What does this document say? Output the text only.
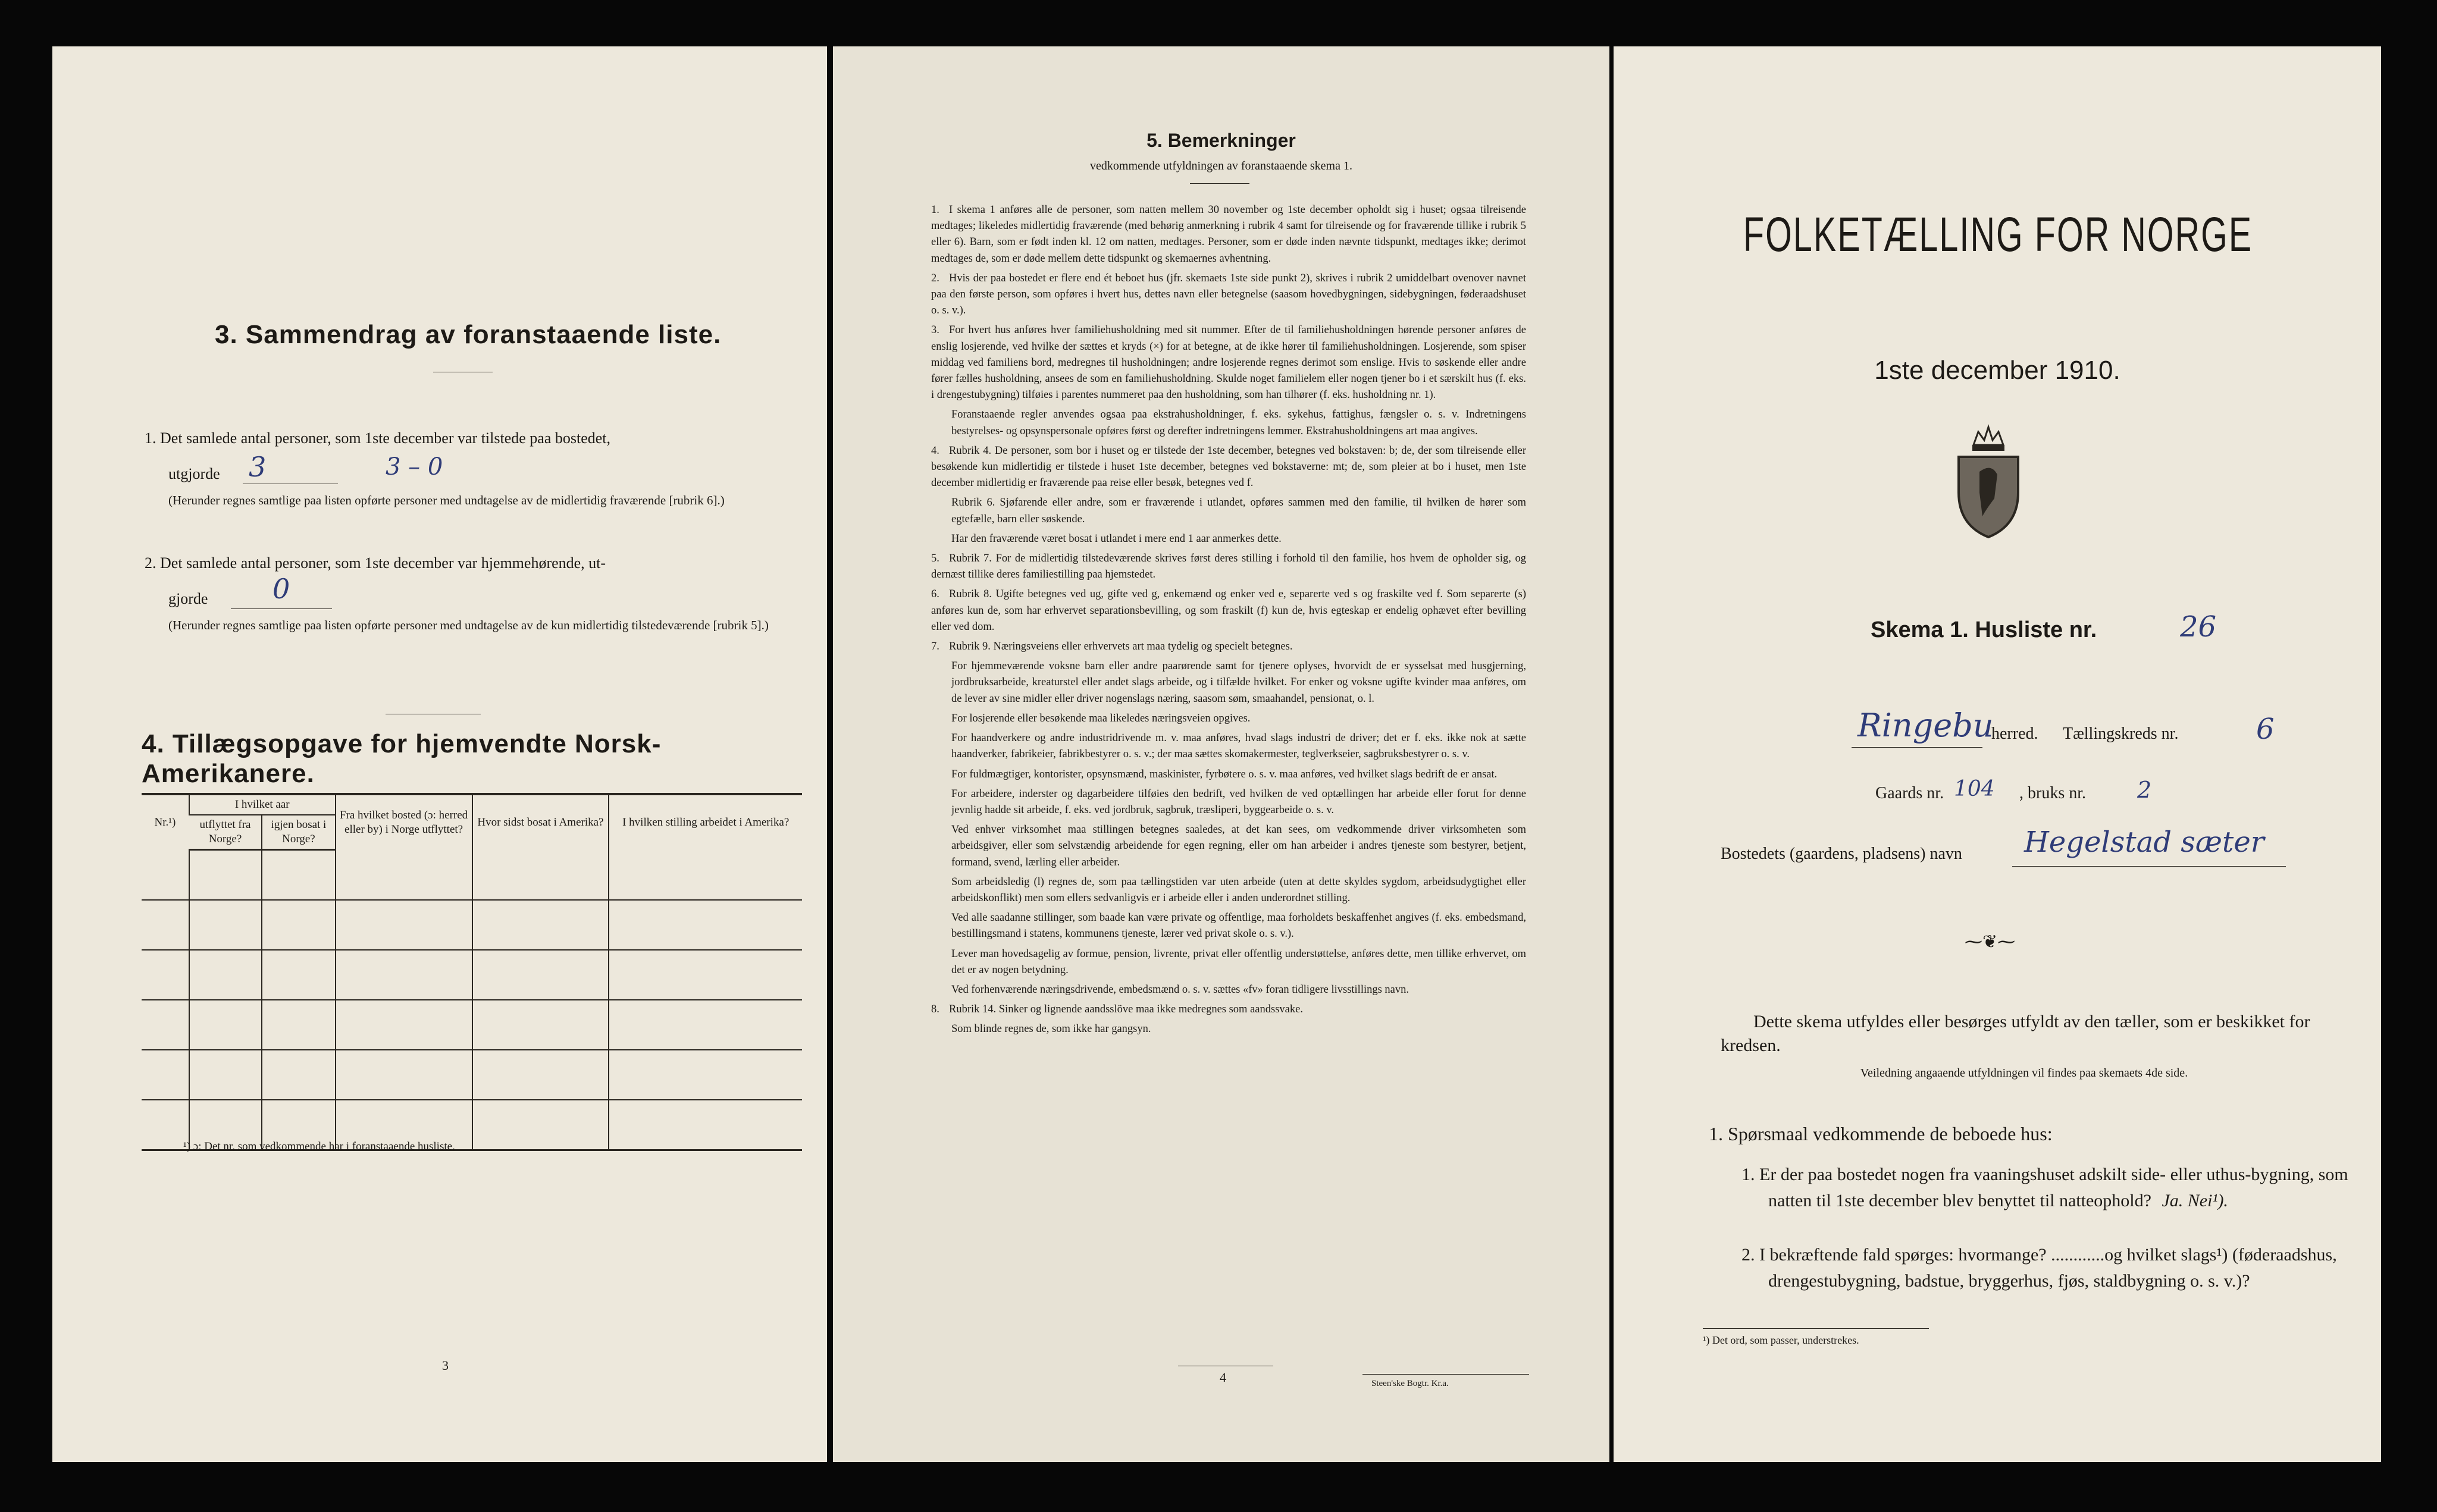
3. Sammendrag av foranstaaende liste.
1. Det samlede antal personer, som 1ste december var tilstede paa bostedet,
utgjorde 3	3 – 0
(Herunder regnes samtlige paa listen opførte personer med undtagelse av de midlertidig fraværende [rubrik 6].)
2. Det samlede antal personer, som 1ste december var hjemmehørende, ut-
gjorde 0
(Herunder regnes samtlige paa listen opførte personer med undtagelse av de kun midlertidig tilstedeværende [rubrik 5].)
4. Tillægsopgave for hjemvendte Norsk-Amerikanere.
Nr.¹)	I hvilket aar		Fra hvilket bosted (ɔ: herred eller by) i Norge utflyttet?	Hvor sidst bosat i Amerika?	I hvilken stilling arbeidet i Amerika?
	utflyttet fra Norge?	igjen bosat i Norge?			

¹) ɔ: Det nr. som vedkommende har i foranstaaende husliste.
3
5. Bemerkninger
vedkommende utfyldningen av foranstaaende skema 1.

1. I skema 1 anføres alle de personer, som natten mellem 30 november og 1ste december opholdt sig i huset; ogsaa tilreisende medtages; likeledes midlertidig fraværende (med behørig anmerkning i rubrik 4 samt for tilreisende og for fraværende tillike i rubrik 5 eller 6). Barn, som er født inden kl. 12 om natten, medtages. Personer, som er døde inden nævnte tidspunkt, medtages ikke; derimot medtages de, som er døde mellem dette tidspunkt og skemaernes avhentning.

2. Hvis der paa bostedet er flere end ét beboet hus (jfr. skemaets 1ste side punkt 2), skrives i rubrik 2 umiddelbart ovenover navnet paa den første person, som opføres i hvert hus, dettes navn eller betegnelse (saasom hovedbygningen, sidebygningen, føderaadshuset o. s. v.).

3. For hvert hus anføres hver familiehusholdning med sit nummer. Efter de til familiehusholdningen hørende personer anføres de enslig losjerende, ved hvilke der sættes et kryds (×) for at betegne, at de ikke hører til familiehusholdningen. Losjerende, som spiser middag ved familiens bord, medregnes til husholdningen; andre losjerende regnes derimot som enslige. Hvis to søskende eller andre fører fælles husholdning, ansees de som en familiehusholdning. Skulde noget familielem eller nogen tjener bo i et særskilt hus (f. eks. i drengestubygning) tilføies i parentes nummeret paa den husholdning, som han tilhører (f. eks. husholdning nr. 1).

Foranstaaende regler anvendes ogsaa paa ekstrahusholdninger, f. eks. sykehus, fattighus, fængsler o. s. v. Indretningens bestyrelses- og opsynspersonale opføres først og derefter indretningens lemmer. Ekstrahusholdningens art maa angives.

4. Rubrik 4. De personer, som bor i huset og er tilstede der 1ste december, betegnes ved bokstaven: b; de, der som tilreisende eller besøkende kun midlertidig er tilstede i huset 1ste december, betegnes ved bokstaverne: mt; de, som pleier at bo i huset, men 1ste december midlertidig er fraværende paa reise eller besøk, betegnes ved f.

Rubrik 6. Sjøfarende eller andre, som er fraværende i utlandet, opføres sammen med den familie, til hvilken de hører som egtefælle, barn eller søskende.

Har den fraværende været bosat i utlandet i mere end 1 aar anmerkes dette.

5. Rubrik 7. For de midlertidig tilstedeværende skrives først deres stilling i forhold til den familie, hos hvem de opholder sig, og dernæst tillike deres familiestilling paa hjemstedet.

6. Rubrik 8. Ugifte betegnes ved ug, gifte ved g, enkemænd og enker ved e, separerte ved s og fraskilte ved f. Som separerte (s) anføres kun de, som har erhvervet separationsbevilling, og som fraskilt (f) kun de, hvis egteskap er endelig ophævet efter bevilling eller ved dom.

7. Rubrik 9. Næringsveiens eller erhvervets art maa tydelig og specielt betegnes.

For hjemmeværende voksne barn eller andre paarørende samt for tjenere oplyses, hvorvidt de er sysselsat med husgjerning, jordbruksarbeide, kreaturstel eller andet slags arbeide, og i tilfælde hvilket. For enker og voksne ugifte kvinder maa anføres, om de lever av sine midler eller driver nogenslags næring, saasom søm, smaahandel, pensionat, o. l.

For losjerende eller besøkende maa likeledes næringsveien opgives.

For haandverkere og andre industridrivende m. v. maa anføres, hvad slags industri de driver; det er f. eks. ikke nok at sætte haandverker, fabrikeier, fabrikbestyrer o. s. v.; der maa sættes skomakermester, teglverkseier, sagbruksbestyrer o. s. v.

For fuldmægtiger, kontorister, opsynsmænd, maskinister, fyrbøtere o. s. v. maa anføres, ved hvilket slags bedrift de er ansat.

For arbeidere, inderster og dagarbeidere tilføies den bedrift, ved hvilken de ved optællingen har arbeide eller forut for denne jevnlig hadde sit arbeide, f. eks. ved jordbruk, sagbruk, træsliperi, byggearbeide o. s. v.

Ved enhver virksomhet maa stillingen betegnes saaledes, at det kan sees, om vedkommende driver virksomheten som arbeidsgiver, eller som selvstændig arbeidende for egen regning, eller om han arbeider i andres tjeneste som bestyrer, betjent, formand, svend, lærling eller arbeider.

Som arbeidsledig (l) regnes de, som paa tællingstiden var uten arbeide (uten at dette skyldes sygdom, arbeidsudygtighet eller arbeidskonflikt) men som ellers sedvanligvis er i arbeide eller i anden underordnet stilling.

Ved alle saadanne stillinger, som baade kan være private og offentlige, maa forholdets beskaffenhet angives (f. eks. embedsmand, bestillingsmand i statens, kommunens tjeneste, lærer ved privat skole o. s. v.).

Lever man hovedsagelig av formue, pension, livrente, privat eller offentlig understøttelse, anføres dette, men tillike erhvervet, om det er av nogen betydning.

Ved forhenværende næringsdrivende, embedsmænd o. s. v. sættes «fv» foran tidligere livsstillings navn.

8. Rubrik 14. Sinker og lignende aandsslöve maa ikke medregnes som aandssvake.

Som blinde regnes de, som ikke har gangsyn.

4	Steen'ske Bogtr. Kr.a.
FOLKETÆLLING FOR NORGE
1ste december 1910.
Skema 1. Husliste nr.	26
Ringebu
herred. Tællingskreds nr.	6
Gaards nr. 104 , bruks nr. 2
Bostedets (gaardens, pladsens) navn Hegelstad sæter
⁓❦⁓
Dette skema utfyldes eller besørges utfyldt av den tæller, som er beskikket for kredsen.
Veiledning angaaende utfyldningen vil findes paa skemaets 4de side.
1. Spørsmaal vedkommende de beboede hus:
1. Er der paa bostedet nogen fra vaaningshuset adskilt side- eller uthus-bygning, som natten til 1ste december blev benyttet til natteophold? Ja. Nei¹).
2. I bekræftende fald spørges: hvormange? ............og hvilket slags¹) (føderaadshus, drengestubygning, badstue, bryggerhus, fjøs, staldbygning o. s. v.)?
¹) Det ord, som passer, understrekes.
